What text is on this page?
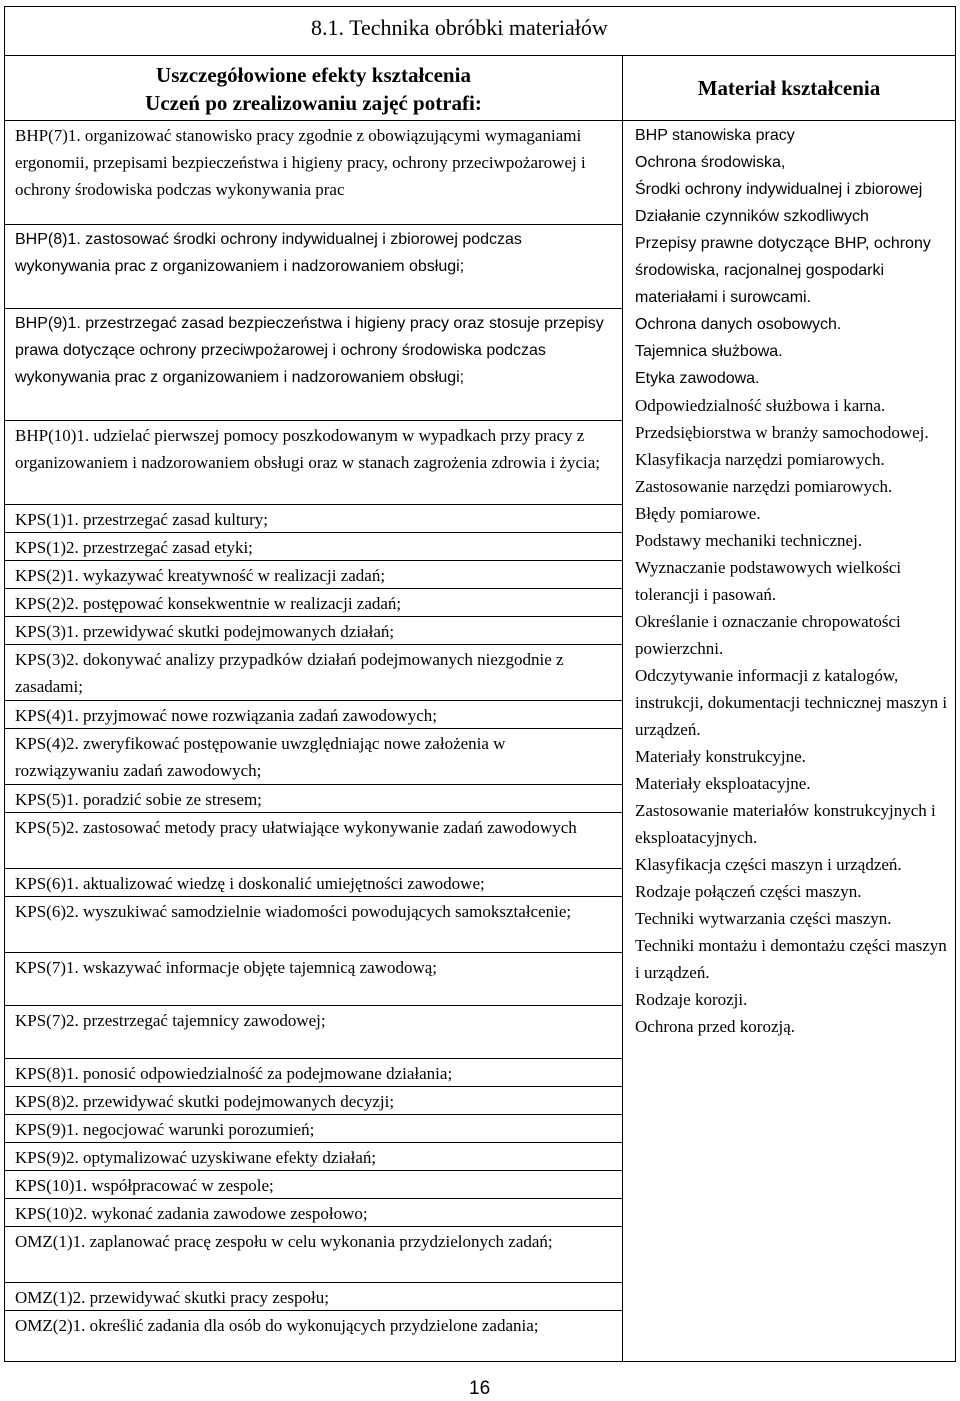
8.1. Technika obróbki materiałów
Uszczegółowione efekty kształcenia
Uczeń po zrealizowaniu zajęć potrafi:
BHP(7)1. organizować stanowisko pracy zgodnie z obowiązującymi wymaganiami ergonomii, przepisami bezpieczeństwa i higieny pracy, ochrony przeciwpożarowej i ochrony środowiska podczas wykonywania prac
BHP(8)1. zastosować środki ochrony indywidualnej i zbiorowej podczas wykonywania prac z organizowaniem i nadzorowaniem obsługi;
BHP(9)1. przestrzegać zasad bezpieczeństwa i higieny pracy oraz stosuje przepisy prawa dotyczące ochrony przeciwpożarowej i ochrony środowiska podczas wykonywania prac z organizowaniem i nadzorowaniem obsługi;
BHP(10)1. udzielać pierwszej pomocy poszkodowanym w wypadkach przy pracy z organizowaniem i nadzorowaniem obsługi oraz w stanach zagrożenia zdrowia i życia;
KPS(1)1. przestrzegać zasad kultury;
KPS(1)2. przestrzegać zasad etyki;
KPS(2)1. wykazywać kreatywność w realizacji zadań;
KPS(2)2. postępować konsekwentnie w realizacji zadań;
KPS(3)1. przewidywać skutki podejmowanych działań;
KPS(3)2. dokonywać analizy przypadków działań podejmowanych niezgodnie z zasadami;
KPS(4)1. przyjmować nowe rozwiązania zadań zawodowych;
KPS(4)2. zweryfikować postępowanie uwzględniając nowe założenia w rozwiązywaniu zadań zawodowych;
KPS(5)1. poradzić sobie ze stresem;
KPS(5)2. zastosować metody pracy ułatwiające wykonywanie zadań zawodowych
KPS(6)1. aktualizować wiedzę i doskonalić umiejętności zawodowe;
KPS(6)2. wyszukiwać samodzielnie wiadomości powodujących samokształcenie;
KPS(7)1. wskazywać informacje objęte tajemnicą zawodową;
KPS(7)2. przestrzegać tajemnicy zawodowej;
KPS(8)1. ponosić odpowiedzialność za podejmowane działania;
KPS(8)2. przewidywać skutki podejmowanych decyzji;
KPS(9)1. negocjować warunki porozumień;
KPS(9)2. optymalizować uzyskiwane efekty działań;
KPS(10)1. współpracować w zespole;
KPS(10)2. wykonać zadania zawodowe zespołowo;
OMZ(1)1. zaplanować pracę zespołu w celu wykonania przydzielonych zadań;
OMZ(1)2. przewidywać skutki pracy zespołu;
OMZ(2)1. określić zadania dla osób do wykonujących przydzielone zadania;
Materiał kształcenia
BHP stanowiska pracy
Ochrona środowiska,
Środki ochrony indywidualnej i zbiorowej
Działanie czynników szkodliwych
Przepisy prawne dotyczące BHP, ochrony środowiska, racjonalnej gospodarki materiałami i surowcami.
Ochrona danych osobowych.
Tajemnica służbowa.
Etyka zawodowa.
Odpowiedzialność służbowa i karna.
Przedsiębiorstwa w branży samochodowej.
Klasyfikacja narzędzi pomiarowych.
Zastosowanie narzędzi pomiarowych.
Błędy pomiarowe.
Podstawy mechaniki technicznej.
Wyznaczanie podstawowych wielkości tolerancji i pasowań.
Określanie i oznaczanie chropowatości powierzchni.
Odczytywanie informacji z katalogów, instrukcji, dokumentacji technicznej maszyn i urządzeń.
Materiały konstrukcyjne.
Materiały eksploatacyjne.
Zastosowanie materiałów konstrukcyjnych i eksploatacyjnych.
Klasyfikacja części maszyn i urządzeń.
Rodzaje połączeń części maszyn.
Techniki wytwarzania części maszyn.
Techniki montażu i demontażu części maszyn i urządzeń.
Rodzaje korozji.
Ochrona przed korozją.
16
